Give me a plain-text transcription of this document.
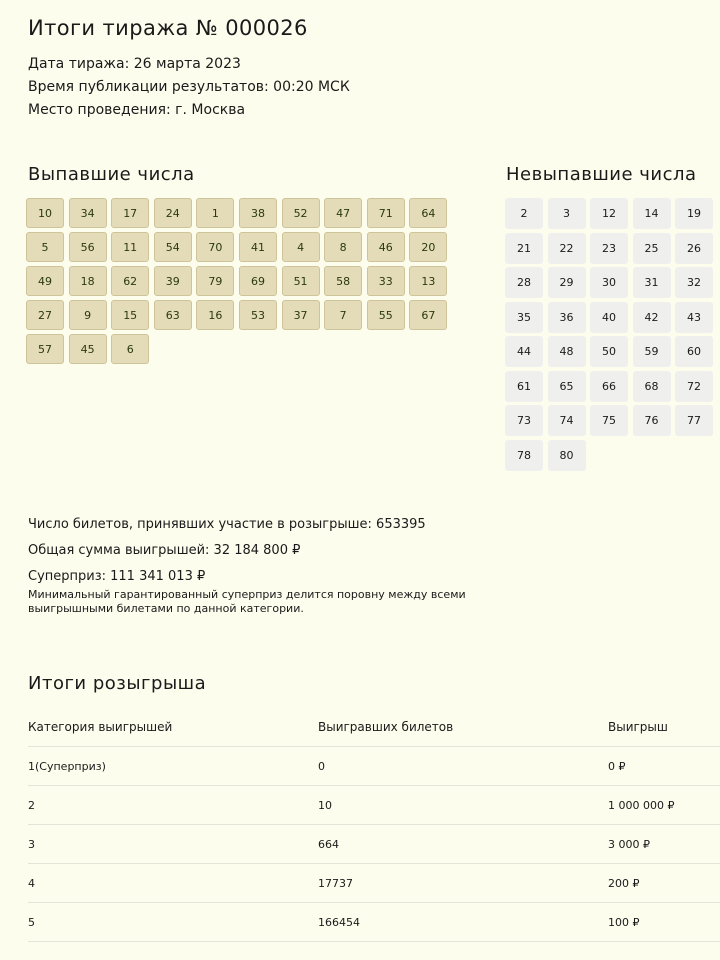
Итоги тиража № 000026
Дата тиража: 26 марта 2023
Время публикации результатов: 00:20 МСК
Место проведения: г. Москва
Выпавшие числа
10	34	17	24	1	38	52	47	71	64
5	56	11	54	70	41	4	8	46	20
49	18	62	39	79	69	51	58	33	13
27	9	15	63	16	53	37	7	55	67
57	45	6
Невыпавшие числа
2	3	12	14	19
21	22	23	25	26
28	29	30	31	32
35	36	40	42	43
44	48	50	59	60
61	65	66	68	72
73	74	75	76	77
78	80
Число билетов, принявших участие в розыгрыше: 653395
Общая сумма выигрышей: 32 184 800 ₽
Суперприз: 111 341 013 ₽
Минимальный гарантированный суперприз делится поровну между всеми выигрышными билетами по данной категории.
Итоги розыгрыша
Категория выигрышей	Выигравших билетов	Выигрыш
1(Суперприз)	0	0 ₽
2	10	1 000 000 ₽
3	664	3 000 ₽
4	17737	200 ₽
5	166454	100 ₽
